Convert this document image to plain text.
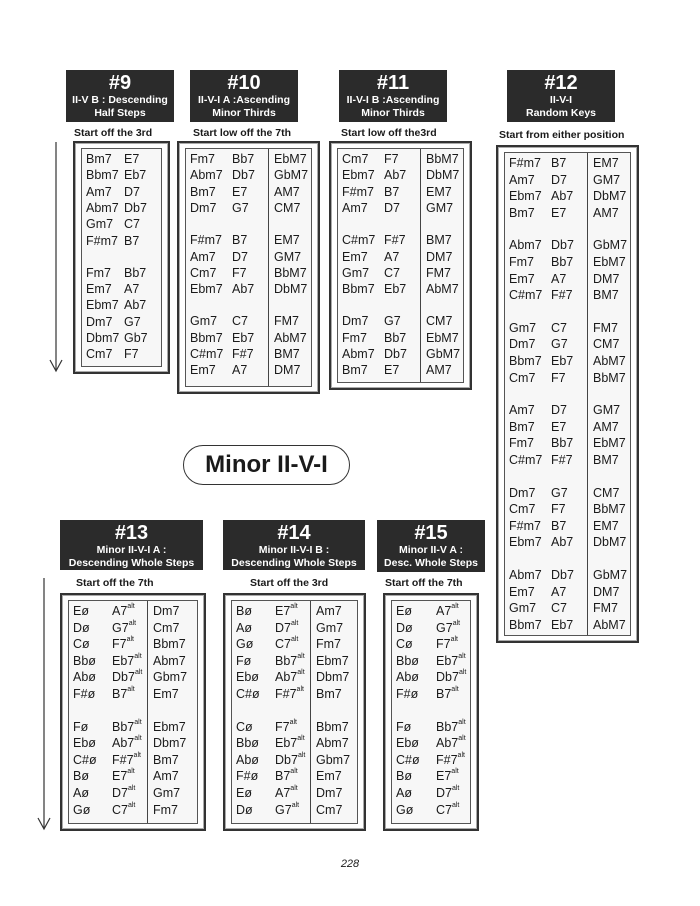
#9
II-V B : Descending
Half Steps
Start off the 3rd
Bm7 E7
Bbm7 Eb7
Am7 D7
Abm7 Db7
Gm7 C7
F#m7 B7
Fm7 Bb7
Em7 A7
Ebm7 Ab7
Dm7 G7
Dbm7 Gb7
Cm7 F7
#10
II-V-I A :Ascending
Minor Thirds
Start low off the 7th
Fm7 Bb7 EbM7
Abm7 Db7 GbM7
Bm7 E7 AM7
Dm7 G7 CM7
F#m7 B7 EM7
Am7 D7 GM7
Cm7 F7 BbM7
Ebm7 Ab7 DbM7
Gm7 C7 FM7
Bbm7 Eb7 AbM7
C#m7 F#7 BM7
Em7 A7 DM7
#11
II-V-I B :Ascending
Minor Thirds
Start low off the3rd
Cm7 F7 BbM7
Ebm7 Ab7 DbM7
F#m7 B7 EM7
Am7 D7 GM7
C#m7 F#7 BM7
Em7 A7 DM7
Gm7 C7 FM7
Bbm7 Eb7 AbM7
Dm7 G7 CM7
Fm7 Bb7 EbM7
Abm7 Db7 GbM7
Bm7 E7 AM7
#12
II-V-I
Random Keys
Start from either position
F#m7 B7 EM7
Am7 D7 GM7
Ebm7 Ab7 DbM7
Bm7 E7 AM7
Abm7 Db7 GbM7
Fm7 Bb7 EbM7
Em7 A7 DM7
C#m7 F#7 BM7
Gm7 C7 FM7
Dm7 G7 CM7
Bbm7 Eb7 AbM7
Cm7 F7 BbM7
Am7 D7 GM7
Bm7 E7 AM7
Fm7 Bb7 EbM7
C#m7 F#7 BM7
Dm7 G7 CM7
Cm7 F7 BbM7
F#m7 B7 EM7
Ebm7 Ab7 DbM7
Abm7 Db7 GbM7
Em7 A7 DM7
Gm7 C7 FM7
Bbm7 Eb7 AbM7
Minor II-V-I
#13
Minor II-V-I A :
Descending Whole Steps
Start off the 7th
Eø $A7^{alt}$ Dm7
Dø $G7^{alt}$ Cm7
Cø $F7^{alt}$ Bbm7
Bbø $Eb7^{alt}$ Abm7
Abø $Db7^{alt}$ Gbm7
F#ø $B7^{alt}$ Em7
Fø $Bb7^{alt}$ Ebm7
Ebø $Ab7^{alt}$ Dbm7
C#ø $F\#7^{alt}$ Bm7
Bø $E7^{alt}$ Am7
Aø $D7^{alt}$ Gm7
Gø $C7^{alt}$ Fm7
#14
Minor II-V-I B :
Descending Whole Steps
Start off the 3rd
Bø $E7^{alt}$ Am7
Aø $D7^{alt}$ Gm7
Gø $C7^{alt}$ Fm7
Fø $Bb7^{alt}$ Ebm7
Ebø $Ab7^{alt}$ Dbm7
C#ø $F\#7^{alt}$ Bm7
Cø $F7^{alt}$ Bbm7
Bbø $Eb7^{alt}$ Abm7
Abø $Db7^{alt}$ Gbm7
F#ø $B7^{alt}$ Em7
Eø $A7^{alt}$ Dm7
Dø $G7^{alt}$ Cm7
#15
Minor II-V A :
Desc. Whole Steps
Start off the 7th
Eø $A7^{alt}$
Dø $G7^{alt}$
Cø $F7^{alt}$
Bbø $Eb7^{alt}$
Abø $Db7^{alt}$
F#ø $B7^{alt}$
Fø $Bb7^{alt}$
Ebø $Ab7^{alt}$
C#ø $F\#7^{alt}$
Bø $E7^{alt}$
Aø $D7^{alt}$
Gø $C7^{alt}$
228
